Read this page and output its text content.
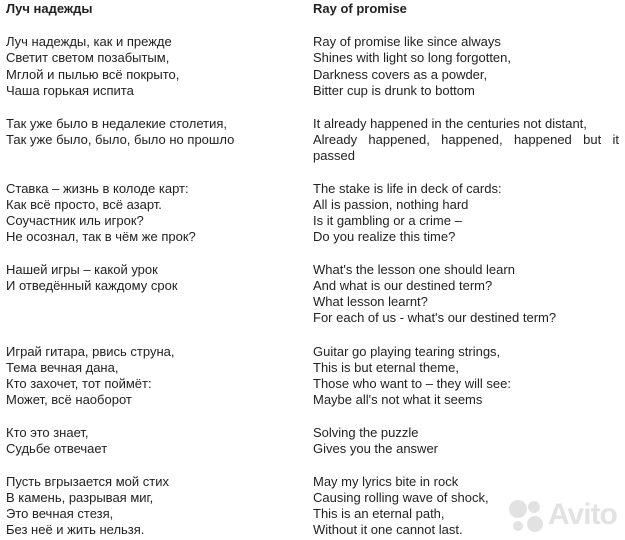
Луч надежды
Луч надежды, как и прежде
Светит светом позабытым,
Мглой и пылью всё покрыто,
Чаша горькая испита
Так уже было в недалекие столетия,
Так уже было, было, было но прошло
Ставка – жизнь в колоде карт:
Как всё просто, всё азарт.
Соучастник иль игрок?
Не осознал, так в чём же прок?
Нашей игры – какой урок
И отведённый каждому срок
Играй гитара, рвись струна,
Тема вечная дана,
Кто захочет, тот поймёт:
Может, всё наоборот
Кто это знает,
Судьбе отвечает
Пусть вгрызается мой стих
В камень, разрывая миг,
Это вечная стезя,
Без неё и жить нельзя.
Ray of promise
Ray of promise like since always
Shines with light so long forgotten,
Darkness covers as a powder,
Bitter cup is drunk to bottom
It already happened in the centuries not distant,
Already happened, happened, happened but it
passed
The stake is life in deck of cards:
All is passion, nothing hard
Is it gambling or a crime –
Do you realize this time?
What's the lesson one should learn
And what is our destined term?
What lesson learnt?
For each of us - what's our destined term?
Guitar go playing tearing strings,
This is but eternal theme,
Those who want to – they will see:
Maybe all's not what it seems
Solving the puzzle
Gives you the answer
May my lyrics bite in rock
Causing rolling wave of shock,
This is an eternal path,
Without it one cannot last.	Avito
